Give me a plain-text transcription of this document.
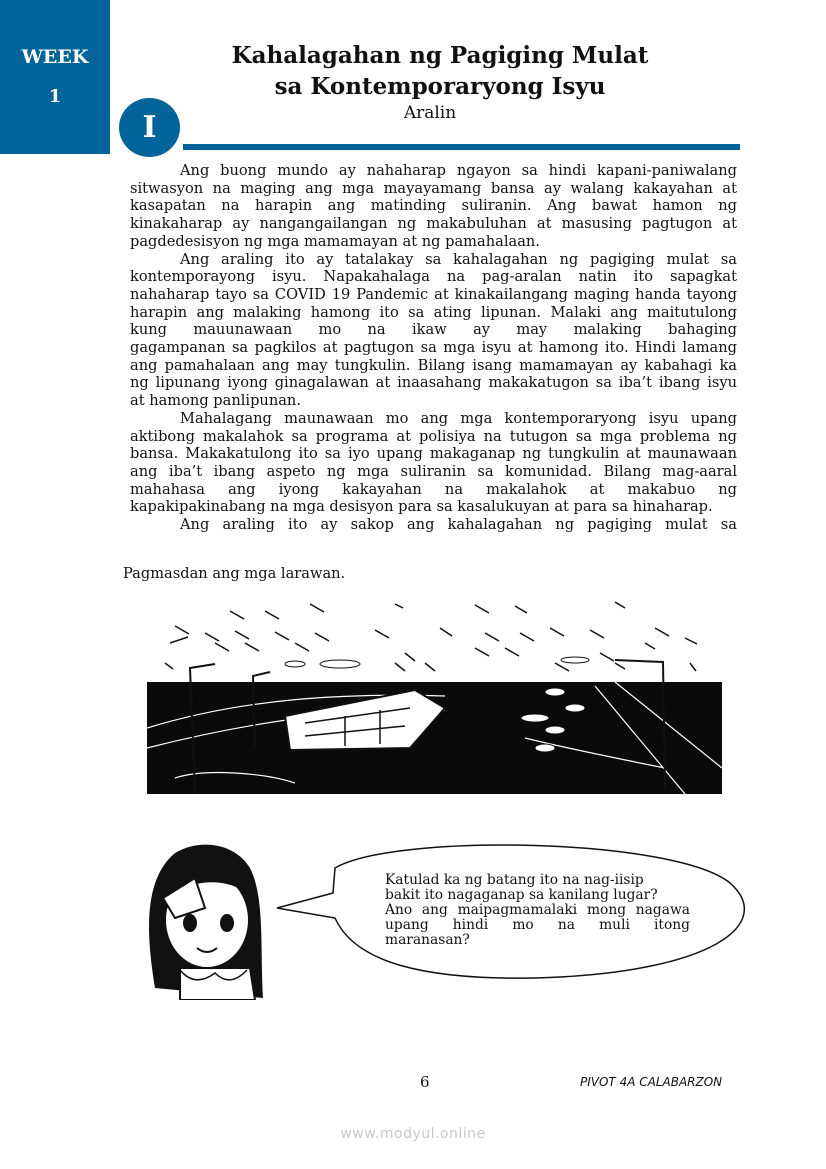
WEEK
1
I
Kahalagahan ng Pagiging Mulat
sa Kontemporaryong Isyu
Aralin
Ang buong mundo ay nahaharap ngayon sa hindi kapani-paniwalang
sitwasyon na maging ang mga mayayamang bansa ay walang kakayahan at
kasapatan na harapin ang matinding suliranin. Ang bawat hamon ng
kinakaharap ay nangangailangan ng makabuluhan at masusing pagtugon at
pagdedesisyon ng mga mamamayan at ng pamahalaan.
Ang araling ito ay tatalakay sa kahalagahan ng pagiging mulat sa
kontemporayong isyu. Napakahalaga na pag-aralan natin ito sapagkat
nahaharap tayo sa COVID 19 Pandemic at kinakailangang maging handa tayong
harapin ang malaking hamong ito sa ating lipunan. Malaki ang maitutulong
kung mauunawaan mo na ikaw ay may malaking bahaging
gagampanan sa pagkilos at pagtugon sa mga isyu at hamong ito. Hindi lamang
ang pamahalaan ang may tungkulin. Bilang isang mamamayan ay kabahagi ka
ng lipunang iyong ginagalawan at inaasahang makakatugon sa iba’t ibang isyu
at hamong panlipunan.
Mahalagang maunawaan mo ang mga kontemporaryong isyu upang
aktibong makalahok sa programa at polisiya na tutugon sa mga problema ng
bansa. Makakatulong ito sa iyo upang makaganap ng tungkulin at maunawaan
ang iba’t ibang aspeto ng mga suliranin sa komunidad. Bilang mag-aaral
mahahasa ang iyong kakayahan na makalahok at makabuo ng
kapakipakinabang na mga desisyon para sa kasalukuyan at para sa hinaharap.
Ang araling ito ay sakop ang kahalagahan ng pagiging mulat sa
Pagmasdan ang mga larawan.
Katulad ka ng batang ito na nag-iisip
bakit ito nagaganap sa kanilang lugar?
Ano ang maipagmamalaki mong nagawa
upang hindi mo na muli itong
maranasan?
6	PIVOT 4A CALABARZON
www.modyul.online
